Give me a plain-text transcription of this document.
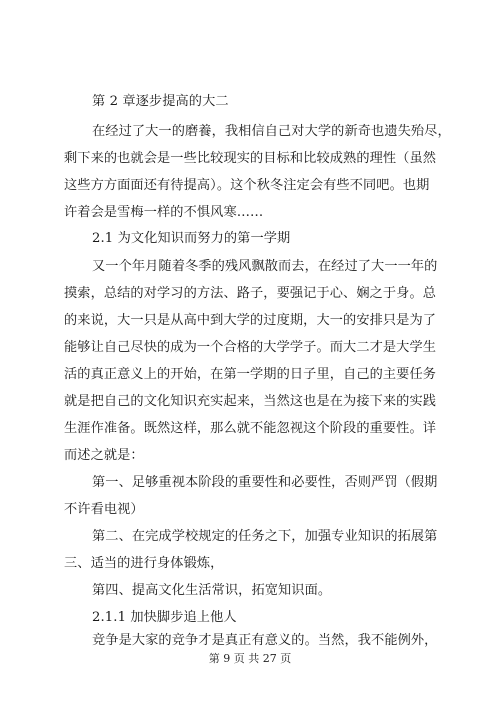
第 2 章逐步提高的大二
在经过了大一的磨養，我相信自己对大学的新奇也遗失殆尽，
剩下来的也就会是一些比较现实的目标和比较成熟的理性（虽然
这些方方面面还有待提高）。这个秋冬注定会有些不同吧。也期
许着会是雪梅一样的不惧风寒……
2.1 为文化知识而努力的第一学期
又一个年月随着冬季的残风飘散而去，在经过了大一一年的
摸索，总结的对学习的方法、路子，要强记于心、娴之于身。总
的来说，大一只是从高中到大学的过度期，大一的安排只是为了
能够让自己尽快的成为一个合格的大学学子。而大二才是大学生
活的真正意义上的开始，在第一学期的日子里，自己的主要任务
就是把自己的文化知识充实起来，当然这也是在为接下来的实践
生涯作准备。既然这样，那么就不能忽视这个阶段的重要性。详
而述之就是：
第一、足够重视本阶段的重要性和必要性，否则严罚（假期
不许看电视）
第二、在完成学校规定的任务之下，加强专业知识的拓展第
三、适当的进行身体锻炼，
第四、提高文化生活常识，拓宽知识面。
2.1.1 加快脚步追上他人
竞争是大家的竞争才是真正有意义的。当然，我不能例外，
第 9 页 共 27 页
